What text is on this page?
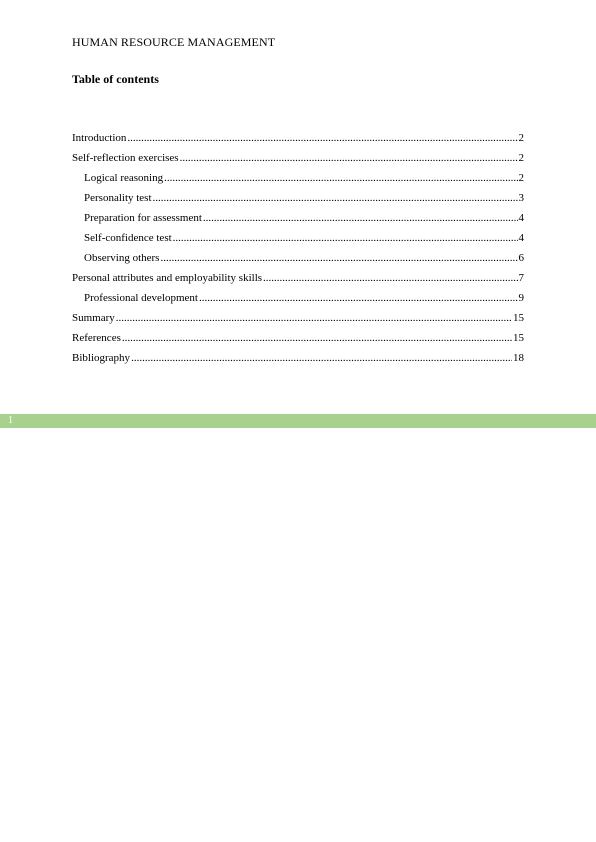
HUMAN RESOURCE MANAGEMENT
Table of contents
Introduction .....	2
Self-reflection exercises .....	2
Logical reasoning .....	2
Personality test .....	3
Preparation for assessment .....	4
Self-confidence test .....	4
Observing others .....	6
Personal attributes and employability skills .....	7
Professional development .....	9
Summary .....	15
References .....	15
Bibliography .....	18
1
